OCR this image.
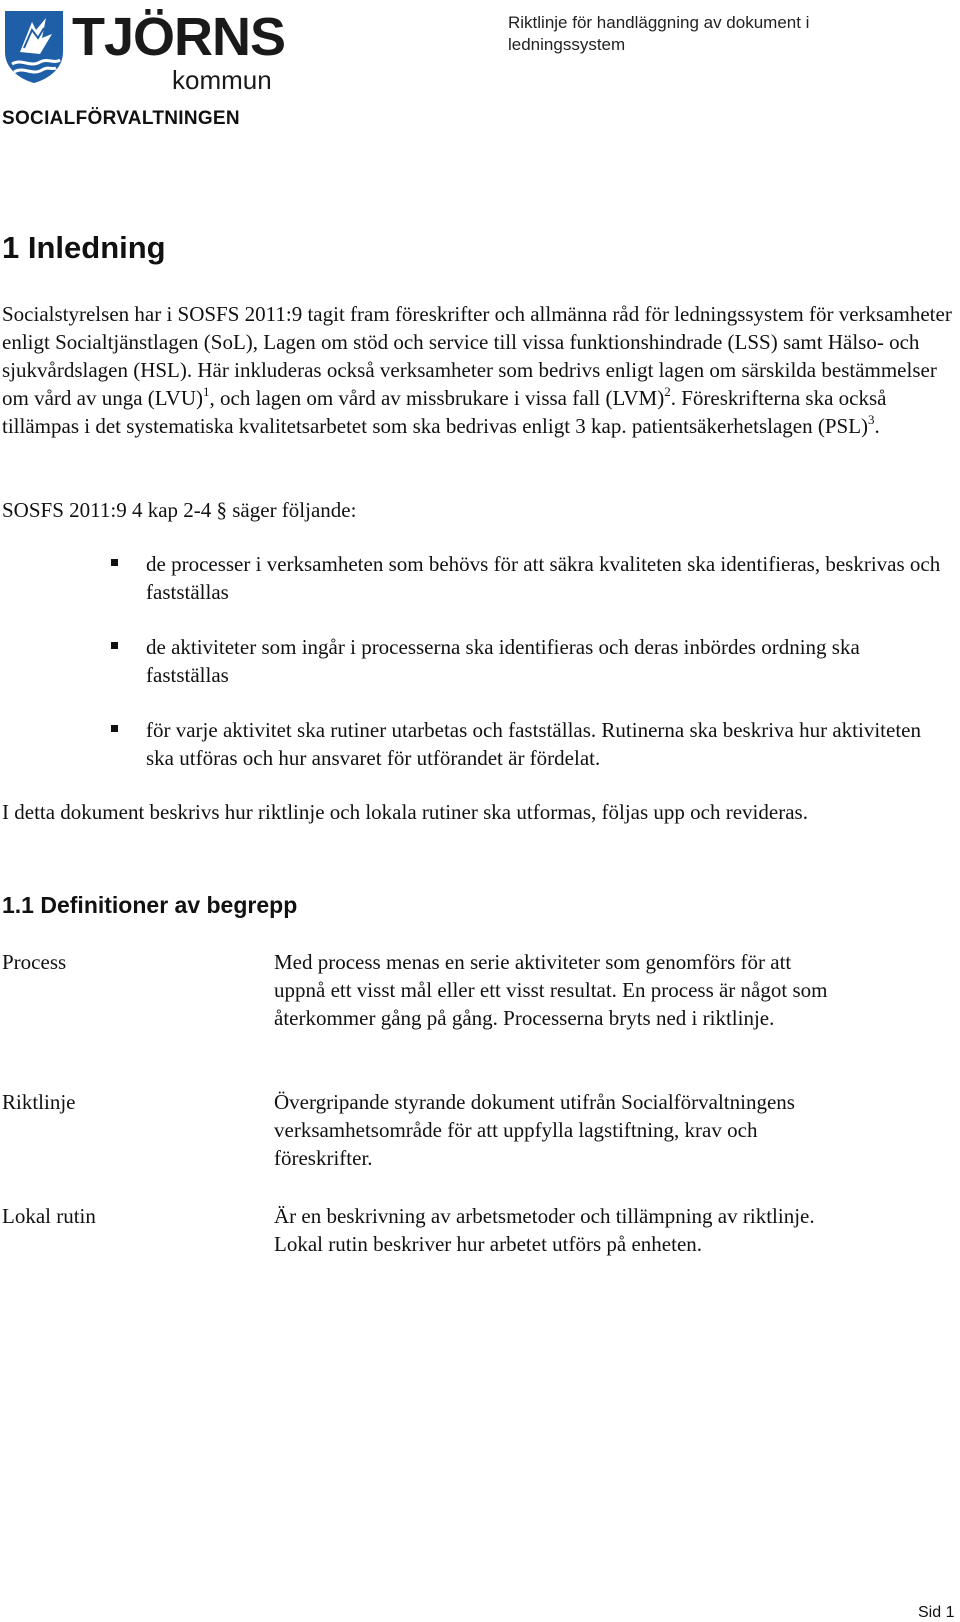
TJÖRNS
kommun
SOCIALFÖRVALTNINGEN
Riktlinje för handläggning av dokument i ledningssystem
1 Inledning

Socialstyrelsen har i SOSFS 2011:9 tagit fram föreskrifter och allmänna råd för ledningssystem för verksamheter enligt Socialtjänstlagen (SoL), Lagen om stöd och service till vissa funktionshindrade (LSS) samt Hälso- och sjukvårdslagen (HSL). Här inkluderas också verksamheter som bedrivs enligt lagen om särskilda bestämmelser om vård av unga (LVU)$^1$, och lagen om vård av missbrukare i vissa fall (LVM)$^2$. Föreskrifterna ska också tillämpas i det systematiska kvalitetsarbetet som ska bedrivas enligt 3 kap. patientsäkerhetslagen (PSL)$^3$.

SOSFS 2011:9 4 kap 2-4 § säger följande:

de processer i verksamheten som behövs för att säkra kvaliteten ska identifieras, beskrivas och fastställas
de aktiviteter som ingår i processerna ska identifieras och deras inbördes ordning ska fastställas
för varje aktivitet ska rutiner utarbetas och fastställas. Rutinerna ska beskriva hur aktiviteten ska utföras och hur ansvaret för utförandet är fördelat.

I detta dokument beskrivs hur riktlinje och lokala rutiner ska utformas, följas upp och revideras.

1.1 Definitioner av begrepp
Process	Med process menas en serie aktiviteter som genomförs för att uppnå ett visst mål eller ett visst resultat. En process är något som återkommer gång på gång. Processerna bryts ned i riktlinje.
Riktlinje	Övergripande styrande dokument utifrån Socialförvaltningens verksamhetsområde för att uppfylla lagstiftning, krav och föreskrifter.
Lokal rutin	Är en beskrivning av arbetsmetoder och tillämpning av riktlinje. Lokal rutin beskriver hur arbetet utförs på enheten.
Sid 1
